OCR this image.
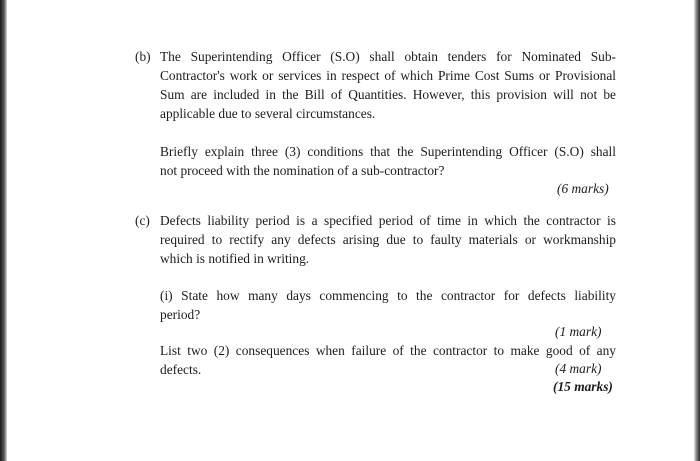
(b) The Superintending Officer (S.O) shall obtain tenders for Nominated Sub-
Contractor's work or services in respect of which Prime Cost Sums or Provisional
Sum are included in the Bill of Quantities. However, this provision will not be
applicable due to several circumstances.
Briefly explain three (3) conditions that the Superintending Officer (S.O) shall
not proceed with the nomination of a sub-contractor?
(6 marks)
(c) Defects liability period is a specified period of time in which the contractor is
required to rectify any defects arising due to faulty materials or workmanship
which is notified in writing.
(i) State how many days commencing to the contractor for defects liability
period?
(1 mark)
List two (2) consequences when failure of the contractor to make good of any
defects.	(4 mark)
(15 marks)
